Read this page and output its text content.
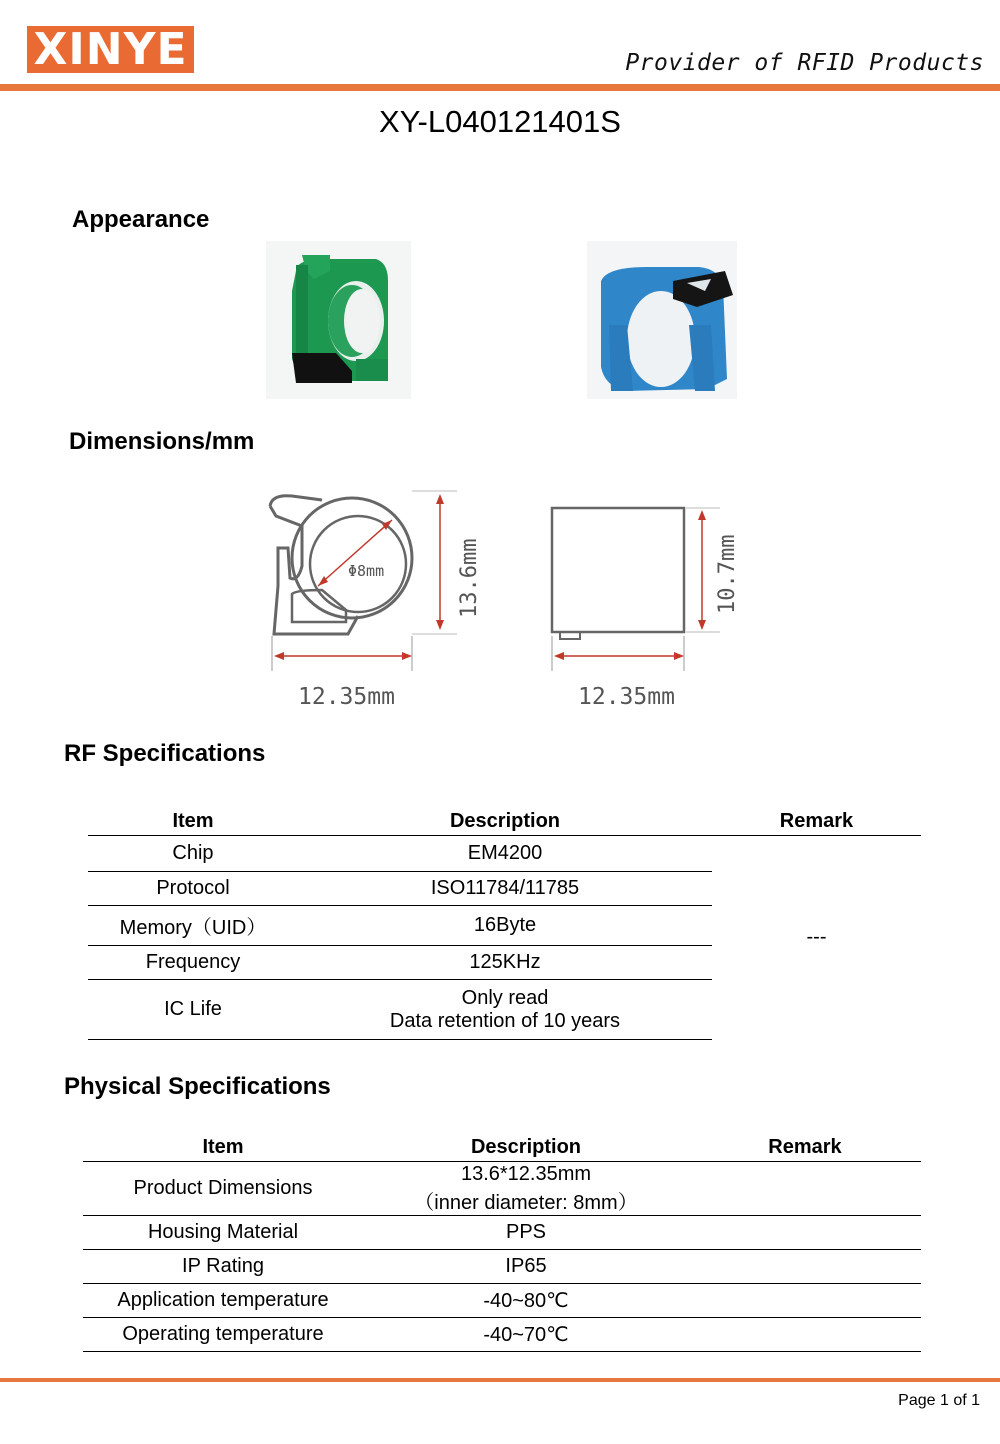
XINYE	Provider of RFID Products
XY-L040121401S
Appearance
Dimensions/mm
Φ8mm	13.6mm
12.35mm
10.7mm
12.35mm
RF Specifications
Item	Description	Remark
Chip	EM4200	---
Protocol	ISO11784/11785	
Memory（UID）	16Byte	
Frequency	125KHz	
IC Life	Only read
Data retention of 10 years	
Physical Specifications
Item	Description	Remark
Product Dimensions	13.6*12.35mm
（inner diameter: 8mm）	

Housing Material	PPS	
IP Rating	IP65	
Application temperature	-40~80℃	
Operating temperature	-40~70℃	
Page 1 of 1
